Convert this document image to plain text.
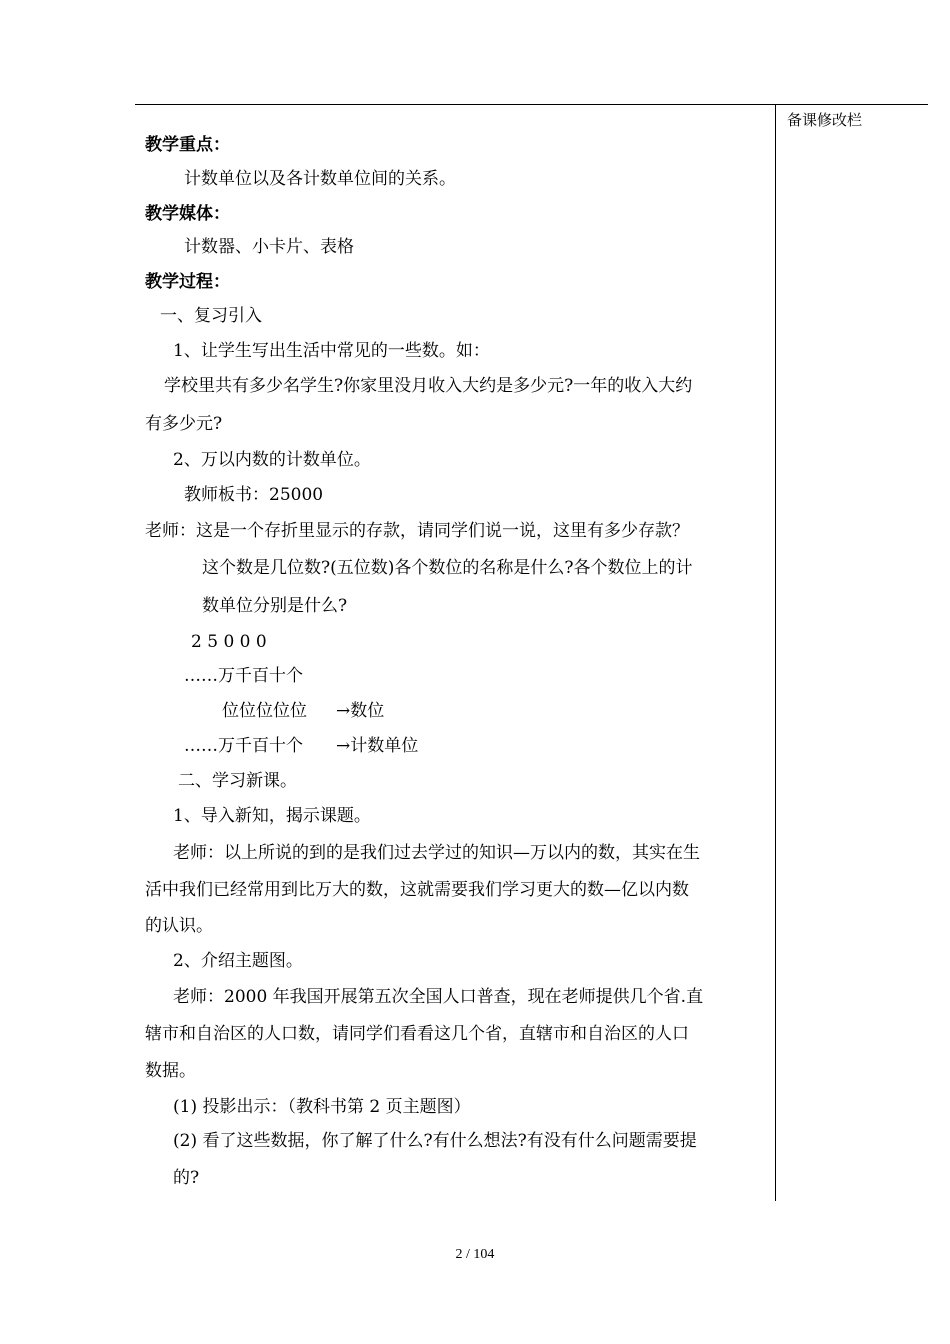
备课修改栏
教学重点：
计数单位以及各计数单位间的关系。
教学媒体：
计数器、小卡片、表格
教学过程：
一、复习引入
1、让学生写出生活中常见的一些数。如：
学校里共有多少名学生?你家里没月收入大约是多少元?一年的收入大约
有多少元?
2、万以内数的计数单位。
教师板书：25000
老师：这是一个存折里显示的存款，请同学们说一说，这里有多少存款？
这个数是几位数?(五位数)各个数位的名称是什么?各个数位上的计
数单位分别是什么?
2 5 0 0 0
……万千百十个
位位位位位 →数位
……万千百十个 →计数单位
二、学习新课。
1、导入新知，揭示课题。
老师：以上所说的到的是我们过去学过的知识—万以内的数，其实在生
活中我们已经常用到比万大的数，这就需要我们学习更大的数—亿以内数
的认识。
2、介绍主题图。
老师：2000 年我国开展第五次全国人口普查，现在老师提供几个省.直
辖市和自治区的人口数，请同学们看看这几个省，直辖市和自治区的人口
数据。
(1) 投影出示：（教科书第 2 页主题图）
(2) 看了这些数据，你了解了什么?有什么想法?有没有什么问题需要提
的?
2 / 104
